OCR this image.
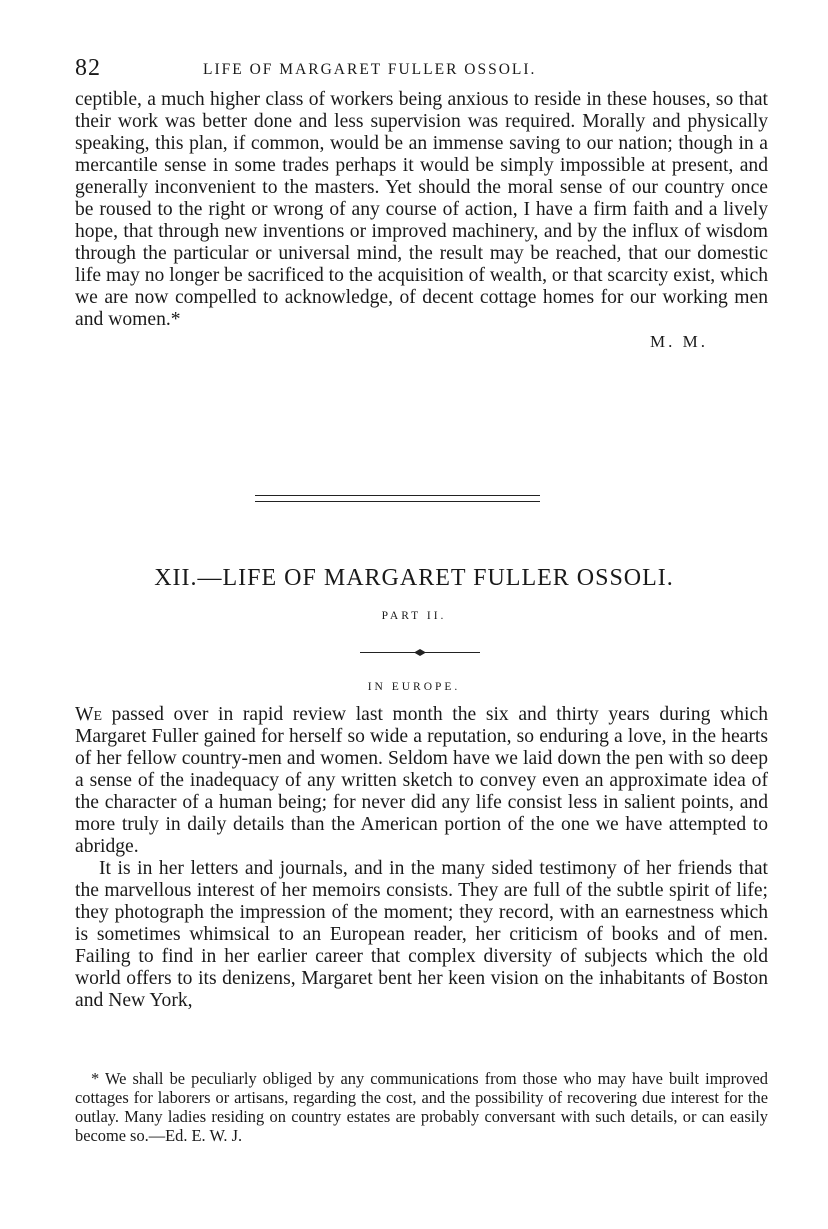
82	LIFE OF MARGARET FULLER OSSOLI.

ceptible, a much higher class of workers being anxious to reside in these houses, so that their work was better done and less supervision was required. Morally and physically speaking, this plan, if common, would be an immense saving to our nation; though in a mercantile sense in some trades perhaps it would be simply impossible at present, and generally inconvenient to the masters. Yet should the moral sense of our country once be roused to the right or wrong of any course of action, I have a firm faith and a lively hope, that through new inventions or improved machinery, and by the influx of wisdom through the particular or universal mind, the result may be reached, that our domestic life may no longer be sacrificed to the acquisition of wealth, or that scarcity exist, which we are now compelled to acknowledge, of decent cottage homes for our working men and women.*

M. M.
XII.—LIFE OF MARGARET FULLER OSSOLI.
PART II.
IN EUROPE.

We passed over in rapid review last month the six and thirty years during which Margaret Fuller gained for herself so wide a reputation, so enduring a love, in the hearts of her fellow country-men and women. Seldom have we laid down the pen with so deep a sense of the inadequacy of any written sketch to convey even an approximate idea of the character of a human being; for never did any life consist less in salient points, and more truly in daily details than the American portion of the one we have attempted to abridge.

It is in her letters and journals, and in the many sided testimony of her friends that the marvellous interest of her memoirs consists. They are full of the subtle spirit of life; they photograph the impression of the moment; they record, with an earnestness which is sometimes whimsical to an European reader, her criticism of books and of men. Failing to find in her earlier career that complex diversity of subjects which the old world offers to its denizens, Margaret bent her keen vision on the inhabitants of Boston and New York,

* We shall be peculiarly obliged by any communications from those who may have built improved cottages for laborers or artisans, regarding the cost, and the possibility of recovering due interest for the outlay. Many ladies residing on country estates are probably conversant with such details, or can easily become so.—Ed. E. W. J.
